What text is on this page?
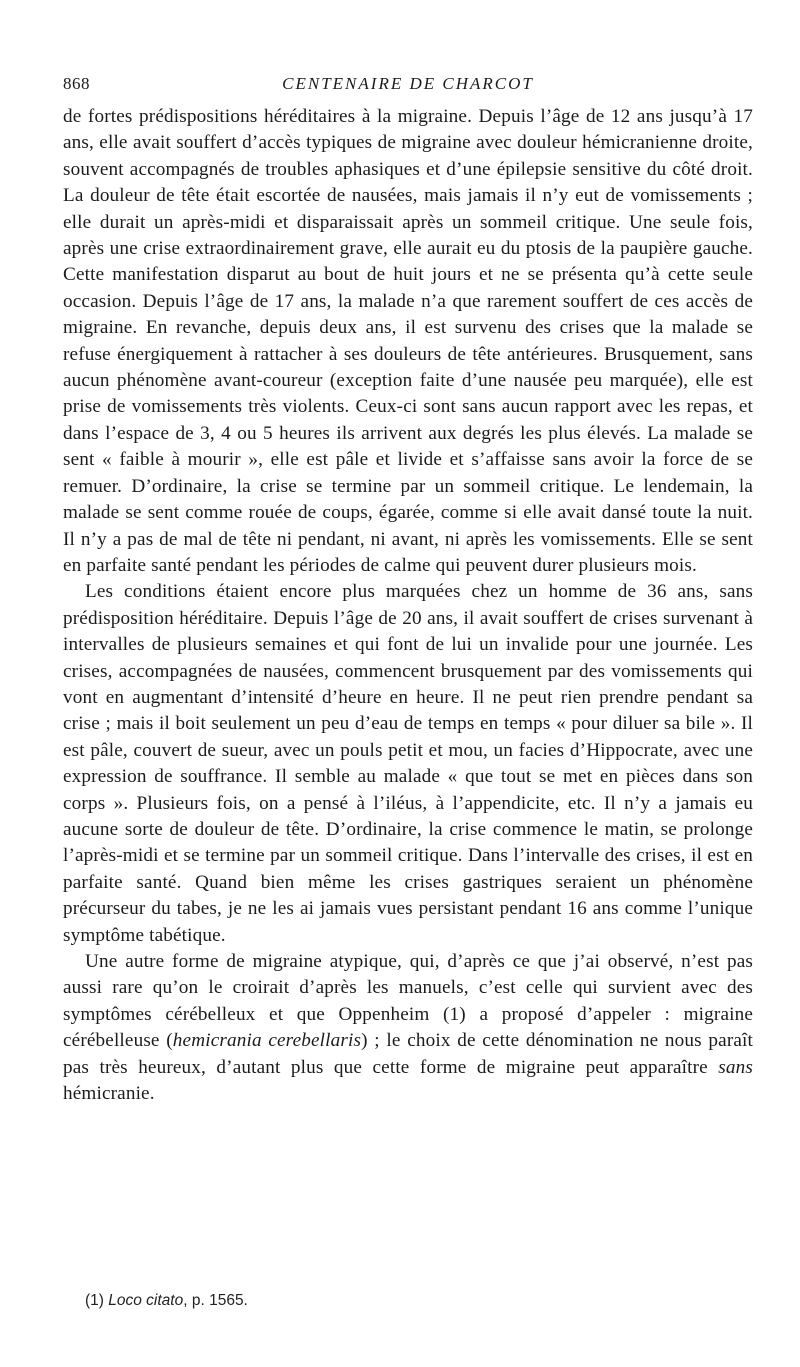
868	CENTENAIRE DE CHARCOT

de fortes prédispositions héréditaires à la migraine. Depuis l’âge de 12 ans jusqu’à 17 ans, elle avait souffert d’accès typiques de migraine avec douleur hémicranienne droite, souvent accompagnés de troubles aphasiques et d’une épilepsie sensitive du côté droit. La douleur de tête était escortée de nausées, mais jamais il n’y eut de vomissements ; elle durait un après-midi et disparaissait après un sommeil critique. Une seule fois, après une crise extraordinairement grave, elle aurait eu du ptosis de la paupière gauche. Cette manifestation disparut au bout de huit jours et ne se présenta qu’à cette seule occasion. Depuis l’âge de 17 ans, la malade n’a que rarement souffert de ces accès de migraine. En revanche, depuis deux ans, il est survenu des crises que la malade se refuse énergiquement à rattacher à ses douleurs de tête antérieures. Brusquement, sans aucun phénomène avant-coureur (exception faite d’une nausée peu marquée), elle est prise de vomissements très violents. Ceux-ci sont sans aucun rapport avec les repas, et dans l’espace de 3, 4 ou 5 heures ils arrivent aux degrés les plus élevés. La malade se sent « faible à mourir », elle est pâle et livide et s’affaisse sans avoir la force de se remuer. D’ordinaire, la crise se termine par un sommeil critique. Le lendemain, la malade se sent comme rouée de coups, égarée, comme si elle avait dansé toute la nuit. Il n’y a pas de mal de tête ni pendant, ni avant, ni après les vomissements. Elle se sent en parfaite santé pendant les périodes de calme qui peuvent durer plusieurs mois.

Les conditions étaient encore plus marquées chez un homme de 36 ans, sans prédisposition héréditaire. Depuis l’âge de 20 ans, il avait souffert de crises survenant à intervalles de plusieurs semaines et qui font de lui un invalide pour une journée. Les crises, accompagnées de nausées, commencent brusquement par des vomissements qui vont en augmentant d’intensité d’heure en heure. Il ne peut rien prendre pendant sa crise ; mais il boit seulement un peu d’eau de temps en temps « pour diluer sa bile ». Il est pâle, couvert de sueur, avec un pouls petit et mou, un facies d’Hippocrate, avec une expression de souffrance. Il semble au malade « que tout se met en pièces dans son corps ». Plusieurs fois, on a pensé à l’iléus, à l’appendicite, etc. Il n’y a jamais eu aucune sorte de douleur de tête. D’ordinaire, la crise commence le matin, se prolonge l’après-midi et se termine par un sommeil critique. Dans l’intervalle des crises, il est en parfaite santé. Quand bien même les crises gastriques seraient un phénomène précurseur du tabes, je ne les ai jamais vues persistant pendant 16 ans comme l’unique symptôme tabétique.

Une autre forme de migraine atypique, qui, d’après ce que j’ai observé, n’est pas aussi rare qu’on le croirait d’après les manuels, c’est celle qui survient avec des symptômes cérébelleux et que Oppenheim (1) a proposé d’appeler : migraine cérébelleuse (hemicrania cerebellaris) ; le choix de cette dénomination ne nous paraît pas très heureux, d’autant plus que cette forme de migraine peut apparaître sans hémicranie.

(1) Loco citato, p. 1565.
